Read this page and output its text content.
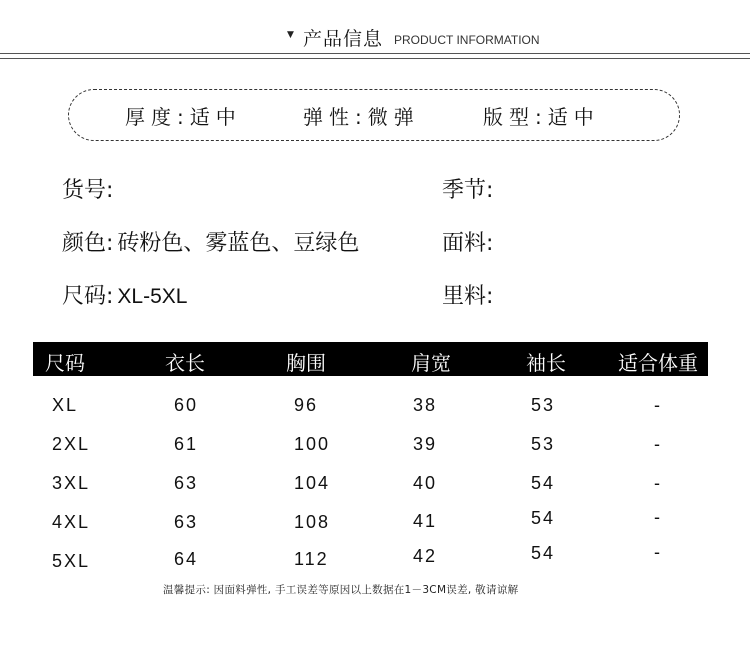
▼ 产品信息 PRODUCT INFORMATION
厚度:适中	弹性:微弹	版型:适中
货号:	季节:
颜色: 砖粉色、雾蓝色、豆绿色	面料:
尺码: XL-5XL	里料:
尺码	衣长	胸围	肩宽	袖长	适合体重
XL	60	96	38	53	-
2XL	61	100	39	53	-
3XL	63	104	40	54	-
4XL	63	108	41	54	-
5XL	64	112	42	54	-
温馨提示: 因面料弹性, 手工误差等原因以上数据在1－3CM误差, 敬请谅解
